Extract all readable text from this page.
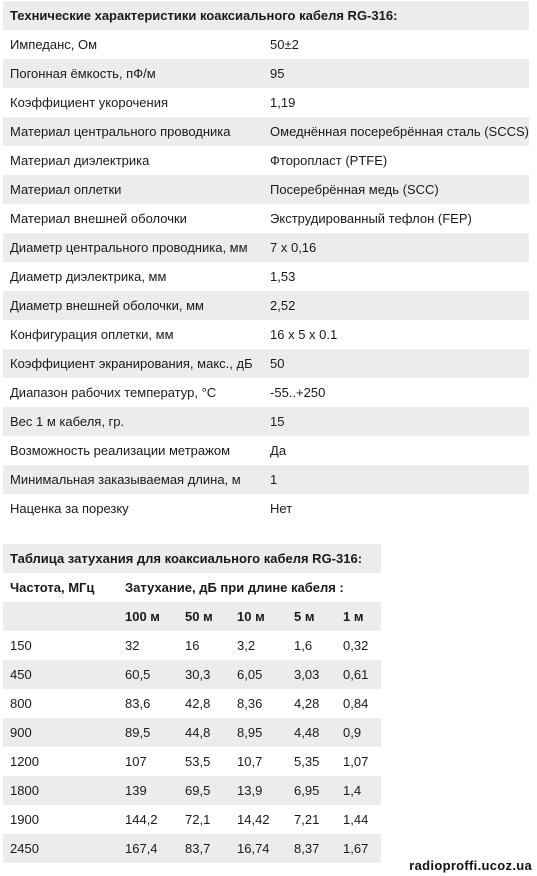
Технические характеристики коаксиального кабеля RG-316:	
Импеданс, Ом	50±2
Погонная ёмкость, пФ/м	95
Коэффициент укорочения	1,19
Материал центрального проводника	Омеднённая посеребрённая сталь (SCCS)
Материал диэлектрика	Фторопласт (PTFE)
Материал оплетки	Посеребрённая медь (SCC)
Материал внешней оболочки	Экструдированный тефлон (FEP)
Диаметр центрального проводника, мм	7 x 0,16
Диаметр диэлектрика, мм	1,53
Диаметр внешней оболочки, мм	2,52
Конфигурация оплетки, мм	16 x 5 x 0.1
Коэффициент экранирования, макс., дБ	50
Диапазон рабочих температур, °С	-55..+250
Вес 1 м кабеля, гр.	15
Возможность реализации метражом	Да
Минимальная заказываемая длина, м	1
Наценка за порезку	Нет
Таблица затухания для коаксиального кабеля RG-316:					
Частота, МГц	Затухание, дБ при длине кабеля :				
	100 м	50 м	10 м	5 м	1 м
150	32	16	3,2	1,6	0,32
450	60,5	30,3	6,05	3,03	0,61
800	83,6	42,8	8,36	4,28	0,84
900	89,5	44,8	8,95	4,48	0,9
1200	107	53,5	10,7	5,35	1,07
1800	139	69,5	13,9	6,95	1,4
1900	144,2	72,1	14,42	7,21	1,44
2450	167,4	83,7	16,74	8,37	1,67
radioproffi.ucoz.ua
